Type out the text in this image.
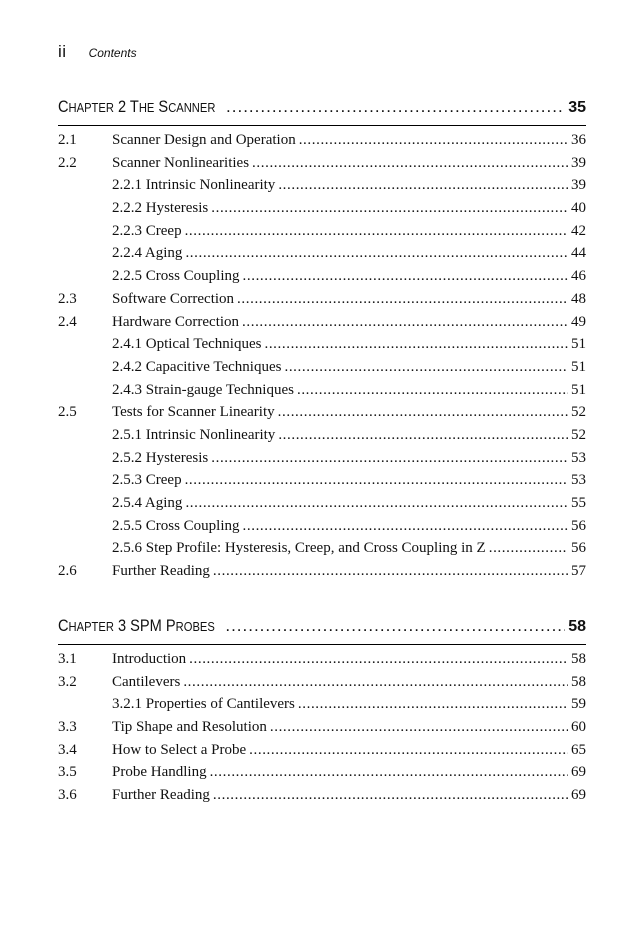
ii Contents
CHAPTER 2 THE SCANNER .....	35
2.1	Scanner Design and Operation .....	36
2.2	Scanner Nonlinearities .....	39
2.2.1 Intrinsic Nonlinearity .....	39
2.2.2 Hysteresis .....	40
2.2.3 Creep .....	42
2.2.4 Aging .....	44
2.2.5 Cross Coupling .....	46
2.3	Software Correction .....	48
2.4	Hardware Correction .....	49
2.4.1 Optical Techniques .....	51
2.4.2 Capacitive Techniques .....	51
2.4.3 Strain-gauge Techniques .....	51
2.5	Tests for Scanner Linearity .....	52
2.5.1 Intrinsic Nonlinearity .....	52
2.5.2 Hysteresis .....	53
2.5.3 Creep .....	53
2.5.4 Aging .....	55
2.5.5 Cross Coupling .....	56
2.5.6 Step Profile: Hysteresis, Creep, and Cross Coupling in Z .....	56
2.6	Further Reading .....	57
CHAPTER 3 SPM PROBES .....	58
3.1	Introduction .....	58
3.2	Cantilevers .....	58
3.2.1 Properties of Cantilevers .....	59
3.3	Tip Shape and Resolution .....	60
3.4	How to Select a Probe .....	65
3.5	Probe Handling .....	69
3.6	Further Reading .....	69
